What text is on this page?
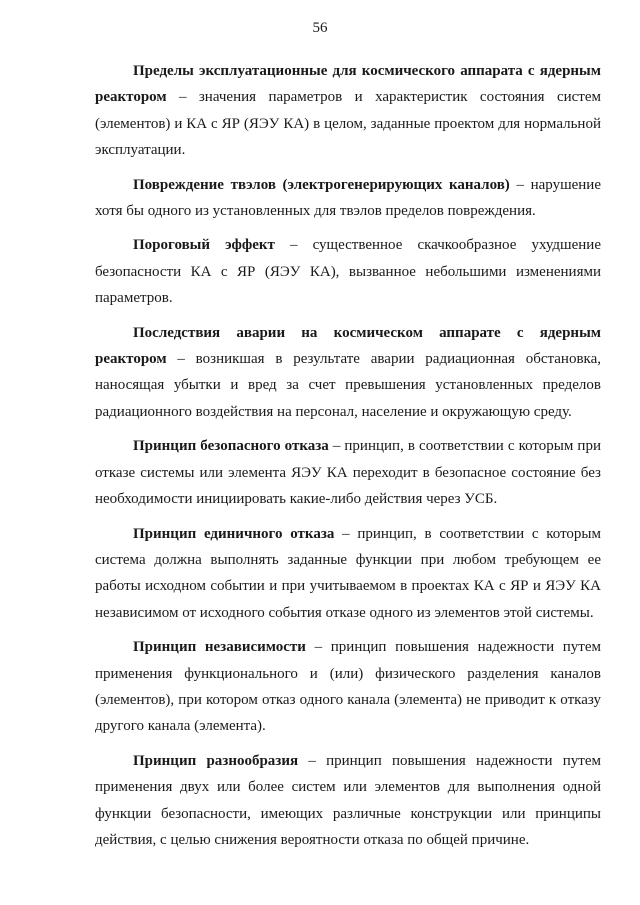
56

Пределы эксплуатационные для космического аппарата с ядерным реактором – значения параметров и характеристик состояния систем (элементов) и КА с ЯР (ЯЭУ КА) в целом, заданные проектом для нормальной эксплуатации.

Повреждение твэлов (электрогенерирующих каналов) – нарушение хотя бы одного из установленных для твэлов пределов повреждения.

Пороговый эффект – существенное скачкообразное ухудшение безопасности КА с ЯР (ЯЭУ КА), вызванное небольшими изменениями параметров.

Последствия аварии на космическом аппарате с ядерным реактором – возникшая в результате аварии радиационная обстановка, наносящая убытки и вред за счет превышения установленных пределов радиационного воздействия на персонал, население и окружающую среду.

Принцип безопасного отказа – принцип, в соответствии с которым при отказе системы или элемента ЯЭУ КА переходит в безопасное состояние без необходимости инициировать какие-либо действия через УСБ.

Принцип единичного отказа – принцип, в соответствии с которым система должна выполнять заданные функции при любом требующем ее работы исходном событии и при учитываемом в проектах КА с ЯР и ЯЭУ КА независимом от исходного события отказе одного из элементов этой системы.

Принцип независимости – принцип повышения надежности путем применения функционального и (или) физического разделения каналов (элементов), при котором отказ одного канала (элемента) не приводит к отказу другого канала (элемента).

Принцип разнообразия – принцип повышения надежности путем применения двух или более систем или элементов для выполнения одной функции безопасности, имеющих различные конструкции или принципы действия, с целью снижения вероятности отказа по общей причине.
